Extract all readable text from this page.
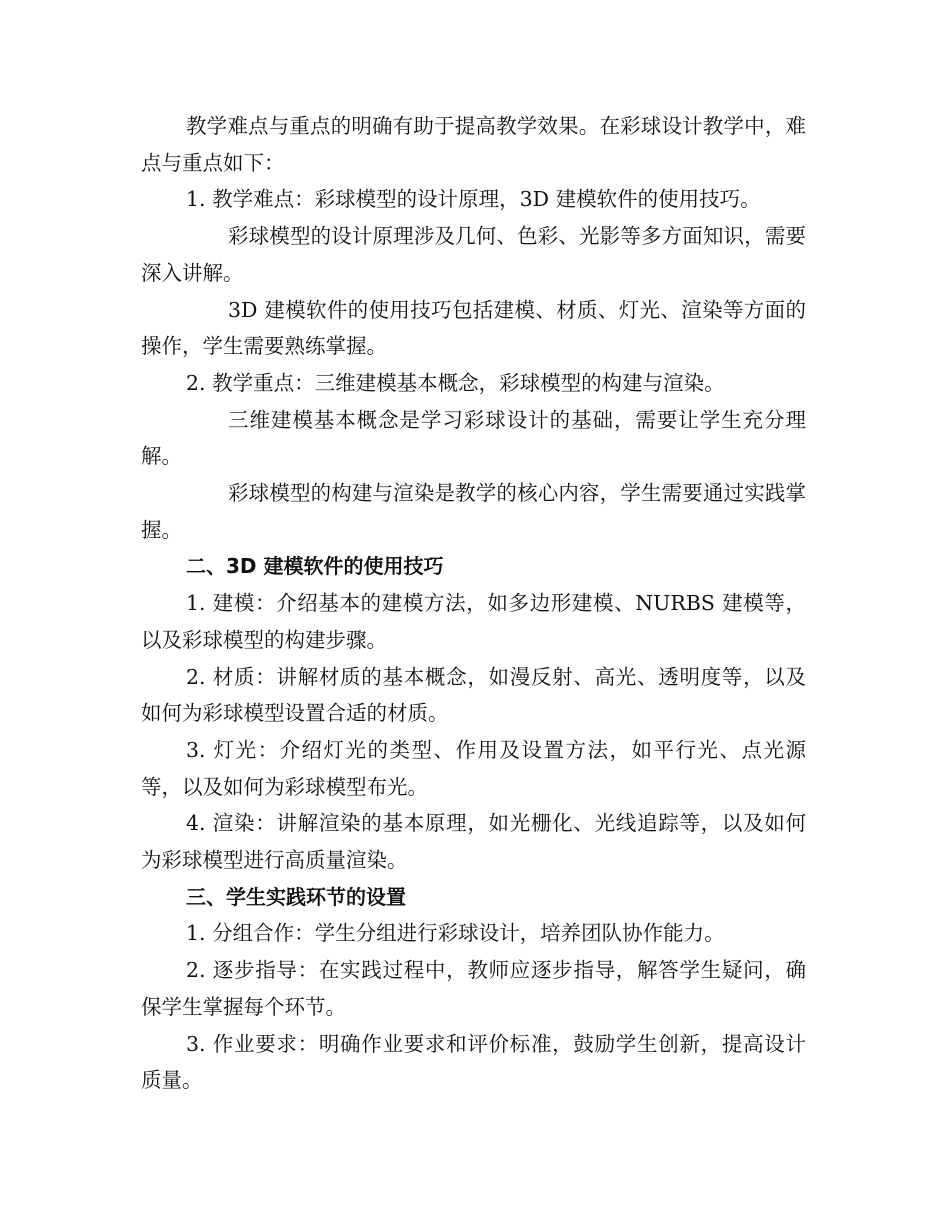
教学难点与重点的明确有助于提高教学效果。在彩球设计教学中，难点与重点如下：

1. 教学难点：彩球模型的设计原理，3D 建模软件的使用技巧。

彩球模型的设计原理涉及几何、色彩、光影等多方面知识，需要深入讲解。

3D 建模软件的使用技巧包括建模、材质、灯光、渲染等方面的操作，学生需要熟练掌握。

2. 教学重点：三维建模基本概念，彩球模型的构建与渲染。

三维建模基本概念是学习彩球设计的基础，需要让学生充分理解。

彩球模型的构建与渲染是教学的核心内容，学生需要通过实践掌握。

二、3D 建模软件的使用技巧

1. 建模：介绍基本的建模方法，如多边形建模、NURBS 建模等，以及彩球模型的构建步骤。

2. 材质：讲解材质的基本概念，如漫反射、高光、透明度等，以及如何为彩球模型设置合适的材质。

3. 灯光：介绍灯光的类型、作用及设置方法，如平行光、点光源等，以及如何为彩球模型布光。

4. 渲染：讲解渲染的基本原理，如光栅化、光线追踪等，以及如何为彩球模型进行高质量渲染。

三、学生实践环节的设置

1. 分组合作：学生分组进行彩球设计，培养团队协作能力。

2. 逐步指导：在实践过程中，教师应逐步指导，解答学生疑问，确保学生掌握每个环节。

3. 作业要求：明确作业要求和评价标准，鼓励学生创新，提高设计质量。
